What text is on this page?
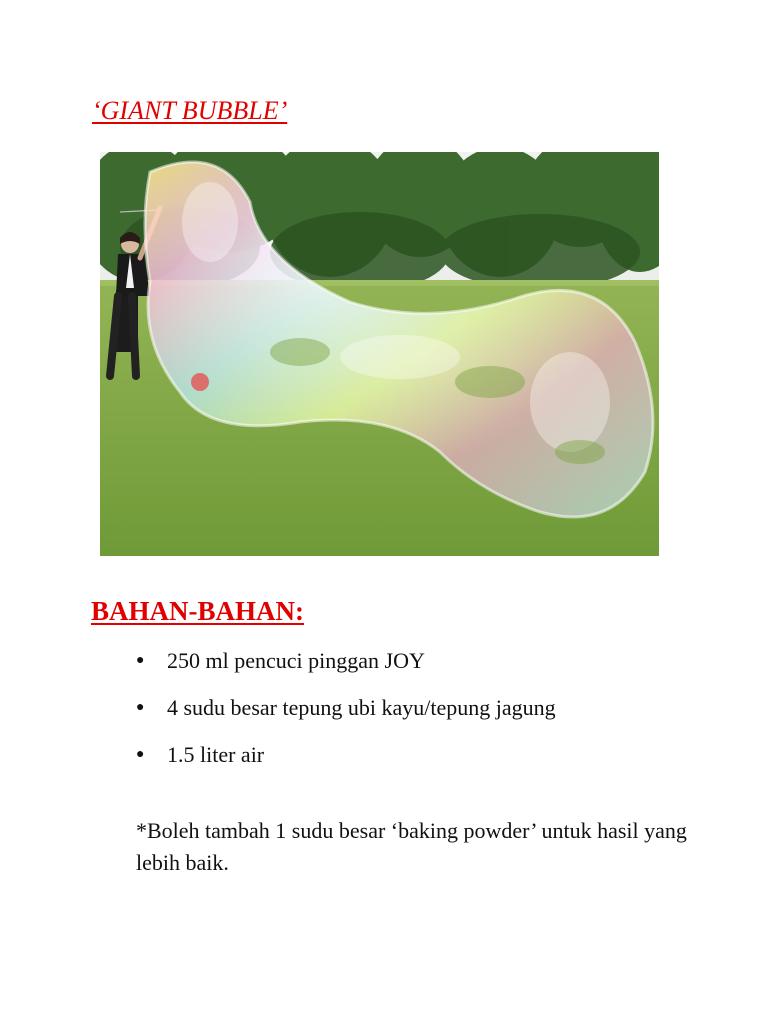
‘GIANT BUBBLE’
BAHAN-BAHAN:
●	250 ml pencuci pinggan JOY
●	4 sudu besar tepung ubi kayu/tepung jagung
●	1.5 liter air
*Boleh tambah 1 sudu besar ‘baking powder’ untuk hasil yang lebih baik.
